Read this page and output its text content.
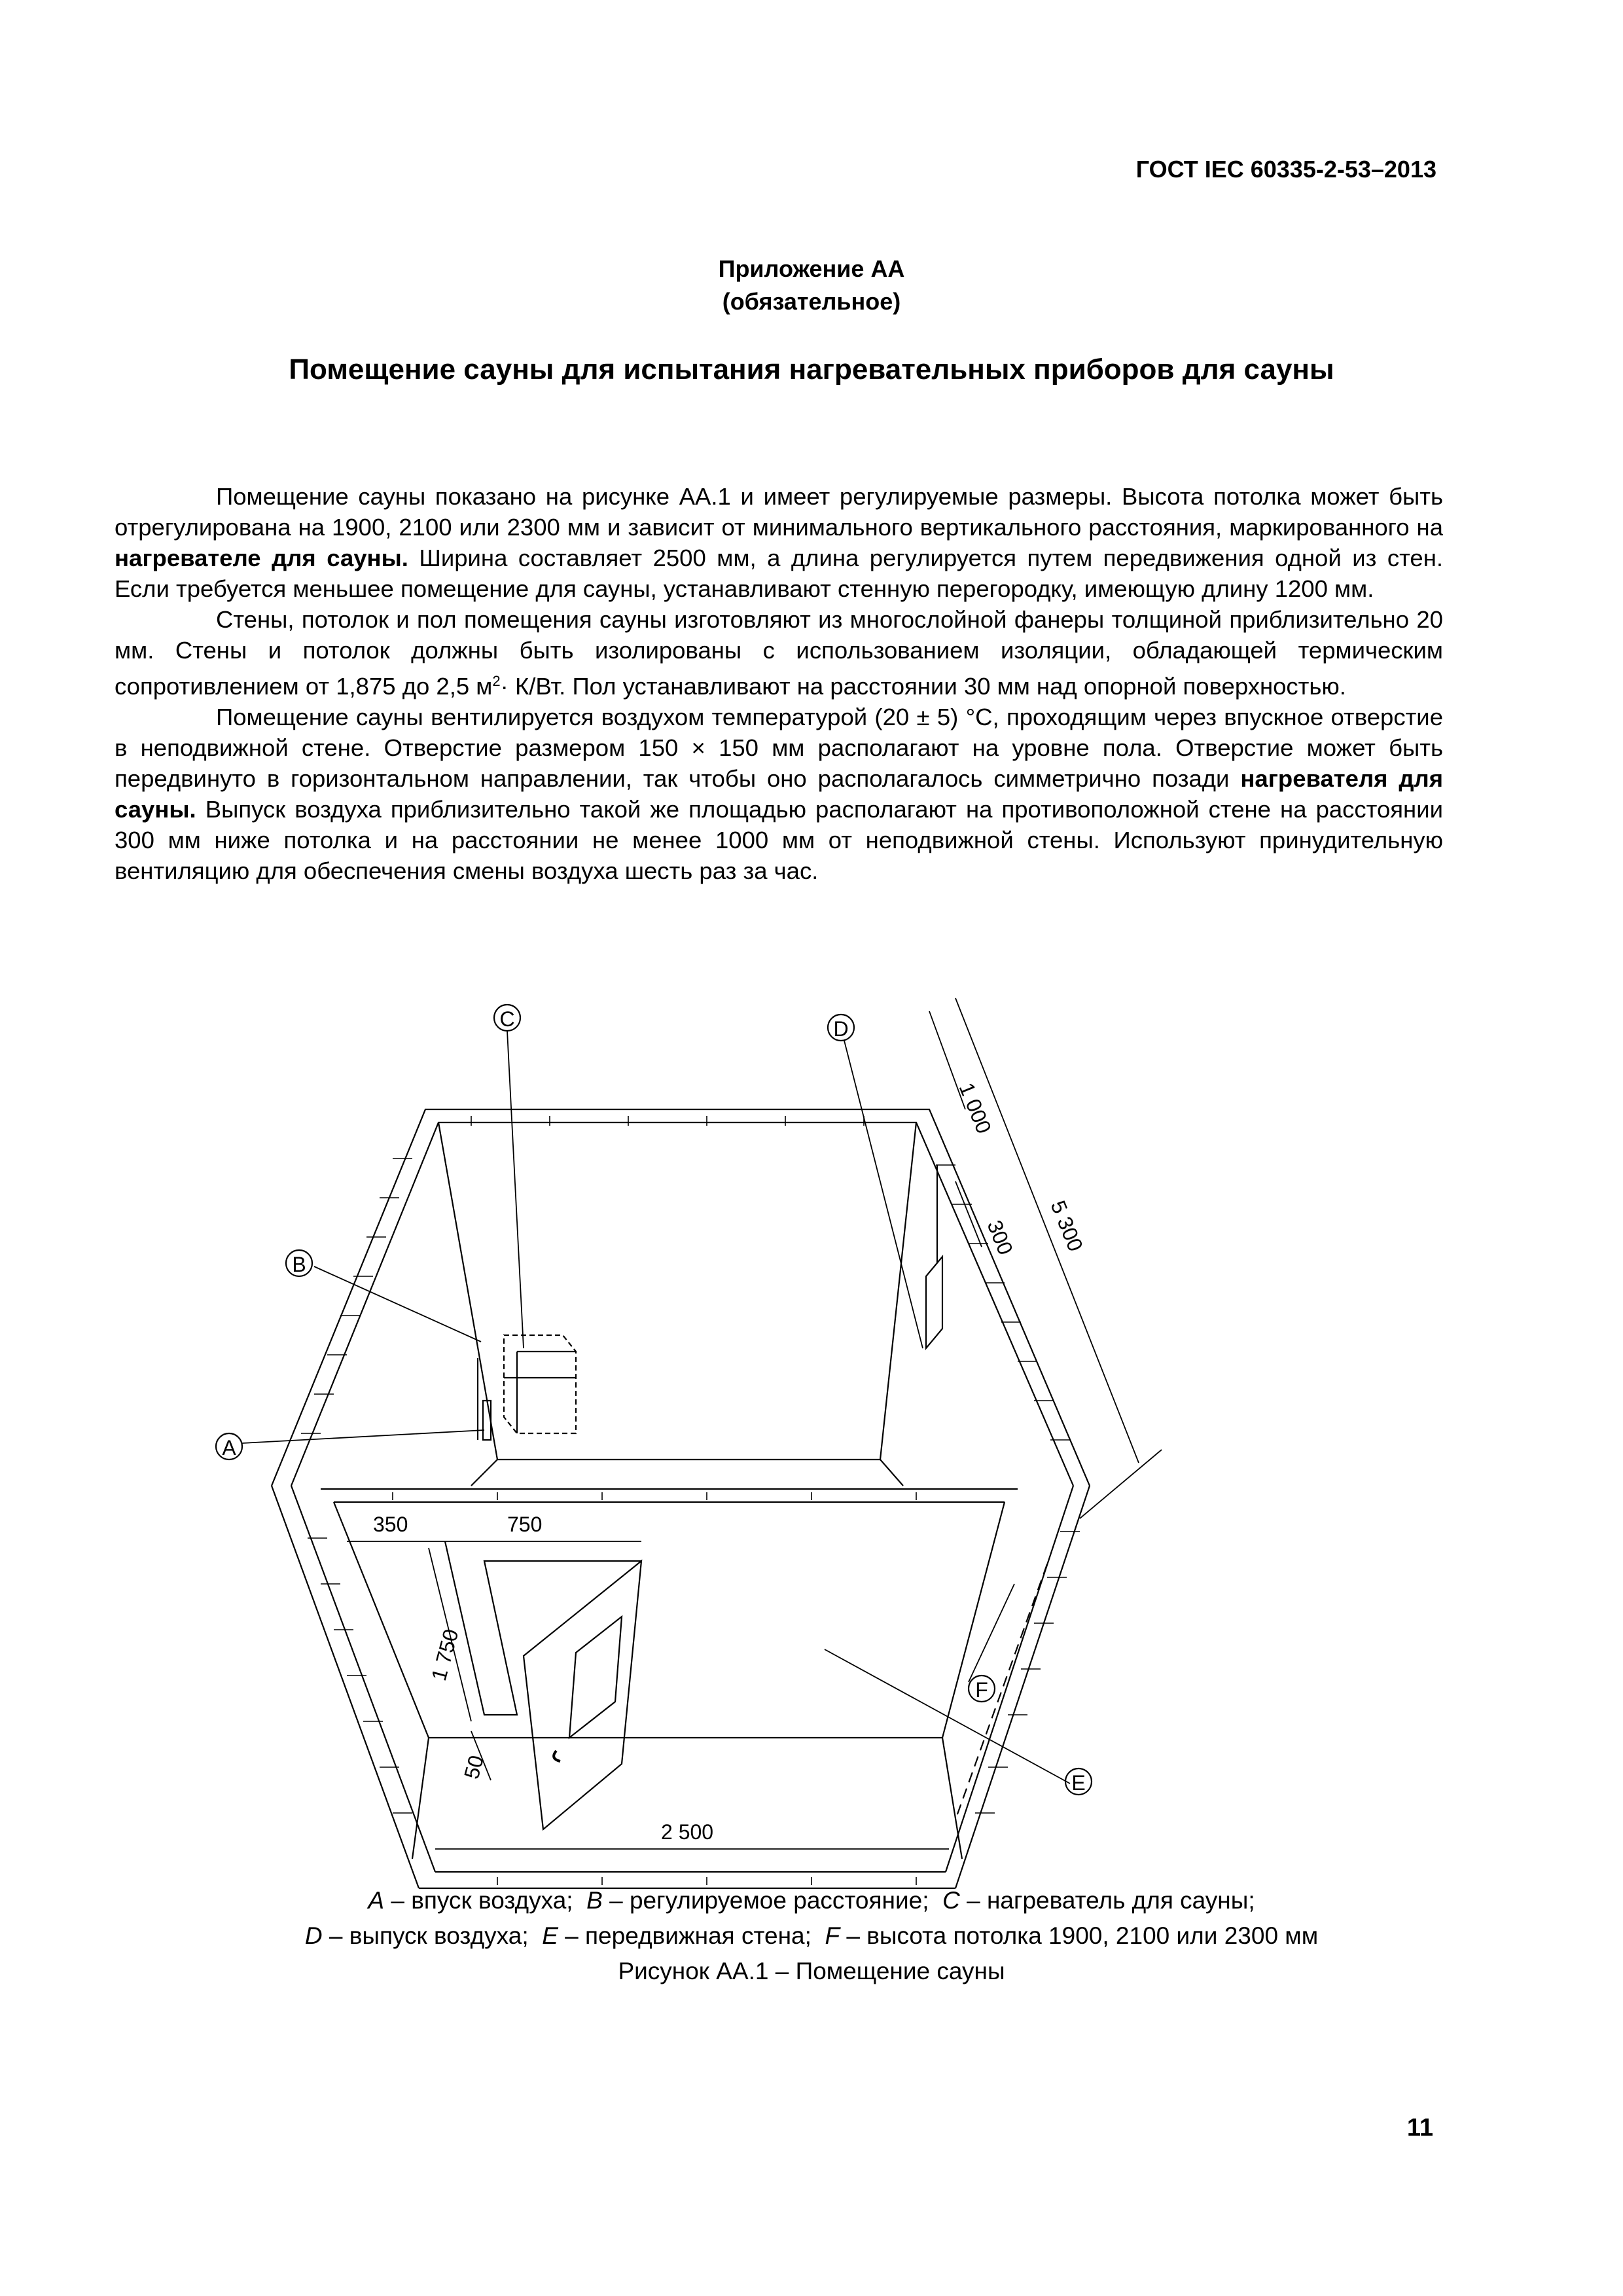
ГОСТ IEC 60335-2-53–2013
Приложение АА
(обязательное)
Помещение сауны для испытания нагревательных приборов для сауны

Помещение сауны показано на рисунке АА.1 и имеет регулируемые размеры. Высота потолка может быть отрегулирована на 1900, 2100 или 2300 мм и зависит от минимального вертикального расстояния, маркированного на нагревателе для сауны. Ширина составляет 2500 мм, а длина регулируется путем передвижения одной из стен. Если требуется меньшее помещение для сауны, устанавливают стенную перегородку, имеющую длину 1200 мм.

Стены, потолок и пол помещения сауны изготовляют из многослойной фанеры толщиной приблизительно 20 мм. Стены и потолок должны быть изолированы с использованием изоляции, обладающей термическим сопротивлением от 1,875 до 2,5 $м^2\cdot К/Вт$. Пол устанавливают на расстоянии 30 мм над опорной поверхностью.

Помещение сауны вентилируется воздухом температурой (20 ± 5) °С, проходящим через впускное отверстие в неподвижной стене. Отверстие размером 150 × 150 мм располагают на уровне пола. Отверстие может быть передвинуто в горизонтальном направлении, так чтобы оно располагалось симметрично позади нагревателя для сауны. Выпуск воздуха приблизительно такой же площадью располагают на противоположной стене на расстоянии 300 мм ниже потолка и на расстоянии не менее 1000 мм от неподвижной стены. Используют принудительную вентиляцию для обеспечения смены воздуха шесть раз за час.

A
B
C	D
E
F
1 000
300 5 300
350	750
1 750
50
2 500
A – впуск воздуха; B – регулируемое расстояние; C – нагреватель для сауны;
D – выпуск воздуха; E – передвижная стена; F – высота потолка 1900, 2100 или 2300 мм
Рисунок АА.1 – Помещение сауны
11
